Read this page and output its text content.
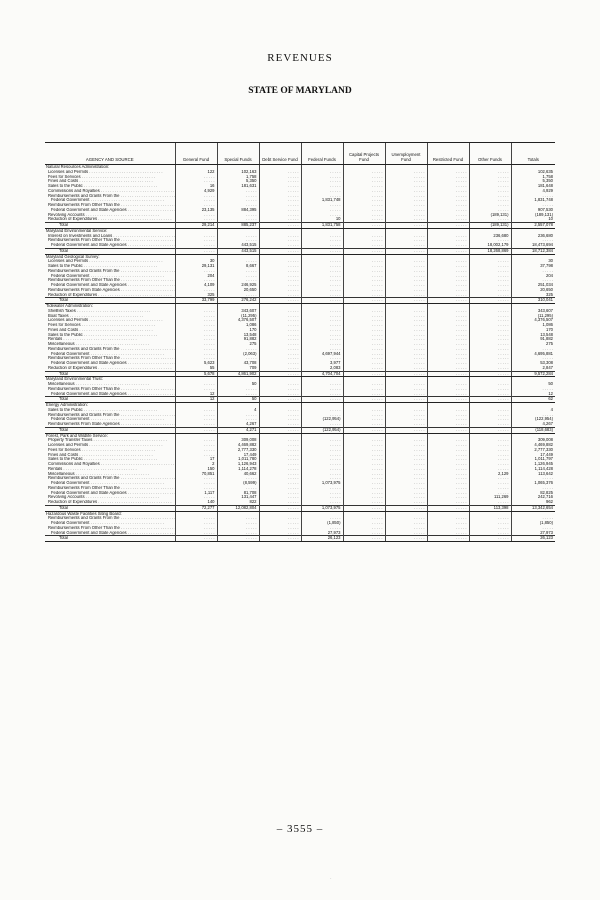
REVENUES
STATE OF MARYLAND
AGENCY AND SOURCE	General Fund	Special Funds	Debt Service Fund	Federal Funds	Capital Projects Fund	Unemployment Fund	Restricted Fund	Other Funds	Totals
Natural Resources Administration:									
Licenses and Permits . . .	122	102,163	. . . . .	. . . . .	. . . . .	. . . . .	. . . . .	. . . . .	102,635
Fees for Services . . .	. . . . .	1,758	. . . . .	. . . . .	. . . . .	. . . . .	. . . . .	. . . . .	1,758
Fines and Costs . . .	. . . . .	5,350	. . . . .	. . . . .	. . . . .	. . . . .	. . . . .	. . . . .	5,350
Sales to the Public . . .	16	181,631	. . . . .	. . . . .	. . . . .	. . . . .	. . . . .	. . . . .	181,648
Commissions and Royalties . . .	4,929	. . . . .	. . . . .	. . . . .	. . . . .	. . . . .	. . . . .	. . . . .	4,929
Reimbursements and Grants From the . . .	. . . . .	. . . . .	. . . . .	. . . . .	. . . . .	. . . . .	. . . . .	. . . . .	. . . . .
Federal Government . . .	. . . . .	. . . . .	. . . . .	1,831,748	. . . . .	. . . . .	. . . . .	. . . . .	1,831,748
Reimbursements From Other Than the . . .	. . . . .	. . . . .	. . . . .	. . . . .	. . . . .	. . . . .	. . . . .	. . . . .	. . . . .
Federal Government and State Agencies . . .	23,135	884,395	. . . . .	. . . . .	. . . . .	. . . . .	. . . . .	. . . . .	907,530
Revolving Accounts . . .	. . . . .	. . . . .	. . . . .	. . . . .	. . . . .	. . . . .	. . . . .	(189,131)	(189,131)
Reduction of Expenditures . . .	. . . . .	. . . . .	. . . . .	10	. . . . .	. . . . .	. . . . .	. . . . .	10
Total	29,214	885,237	. . . . .	1,831,758	. . . . .	. . . . .	. . . . .	(189,131)	2,557,078
Maryland Environmental Service:									
Interest on Investments and Loans . . .	. . . . .	. . . . .	. . . . .	. . . . .	. . . . .	. . . . .	. . . . .	236,680	236,680
Reimbursements From Other Than the . . .	. . . . .	. . . . .	. . . . .	. . . . .	. . . . .	. . . . .	. . . . .	. . . . .	. . . . .
Federal Government and State Agencies . . .	. . . . .	443,515	. . . . .	. . . . .	. . . . .	. . . . .	. . . . .	18,002,179	18,473,694
Total	. . . . .	443,515	. . . . .	. . . . .	. . . . .	. . . . .	. . . . .	18,268,869	18,712,384
Maryland Geological Survey:									
Licenses and Permits . . .	30	. . . . .	. . . . .	. . . . .	. . . . .	. . . . .	. . . . .	. . . . .	30
Sales to the Public . . .	29,131	8,667	. . . . .	. . . . .	. . . . .	. . . . .	. . . . .	. . . . .	37,798
Reimbursements and Grants From the . . .	. . . . .	. . . . .	. . . . .	. . . . .	. . . . .	. . . . .	. . . . .	. . . . .	. . . . .
Federal Government . . .	204	. . . . .	. . . . .	. . . . .	. . . . .	. . . . .	. . . . .	. . . . .	204
Reimbursements From Other Than the . . .	. . . . .	. . . . .	. . . . .	. . . . .	. . . . .	. . . . .	. . . . .	. . . . .	. . . . .
Federal Government and State Agencies . . .	4,109	246,925	. . . . .	. . . . .	. . . . .	. . . . .	. . . . .	. . . . .	251,034
Reimbursements From State Agencies . . .	. . . . .	20,650	. . . . .	. . . . .	. . . . .	. . . . .	. . . . .	. . . . .	20,650
Reduction of Expenditures . . .	325	. . . . .	. . . . .	. . . . .	. . . . .	. . . . .	. . . . .	. . . . .	325
Total	33,799	276,242	. . . . .	. . . . .	. . . . .	. . . . .	. . . . .	. . . . .	310,041
Tidewater Administration:									
Shellfish Taxes . . .	. . . . .	343,607	. . . . .	. . . . .	. . . . .	. . . . .	. . . . .	. . . . .	343,607
Boat Taxes . . .	. . . . .	(11,295)	. . . . .	. . . . .	. . . . .	. . . . .	. . . . .	. . . . .	(11,295)
Licenses and Permits . . .	. . . . .	4,376,507	. . . . .	. . . . .	. . . . .	. . . . .	. . . . .	. . . . .	4,376,507
Fees for Services . . .	. . . . .	1,086	. . . . .	. . . . .	. . . . .	. . . . .	. . . . .	. . . . .	1,086
Fines and Costs . . .	. . . . .	170	. . . . .	. . . . .	. . . . .	. . . . .	. . . . .	. . . . .	170
Sales to the Public . . .	. . . . .	13,548	. . . . .	. . . . .	. . . . .	. . . . .	. . . . .	. . . . .	13,548
Rentals . . .	. . . . .	91,882	. . . . .	. . . . .	. . . . .	. . . . .	. . . . .	. . . . .	91,882
Miscellaneous . . .	. . . . .	275	. . . . .	. . . . .	. . . . .	. . . . .	. . . . .	. . . . .	275
Reimbursements and Grants From the . . .	. . . . .	. . . . .	. . . . .	. . . . .	. . . . .	. . . . .	. . . . .	. . . . .	. . . . .
Federal Government . . .	. . . . .	(2,063)	. . . . .	4,697,944	. . . . .	. . . . .	. . . . .	. . . . .	4,695,881
Reimbursements From Other Than the . . .	. . . . .	. . . . .	. . . . .	. . . . .	. . . . .	. . . . .	. . . . .	. . . . .	. . . . .
Federal Government and State Agencies . . .	5,623	43,708	. . . . .	3,977	. . . . .	. . . . .	. . . . .	. . . . .	53,308
Reduction of Expenditures . . .	55	709	. . . . .	2,083	. . . . .	. . . . .	. . . . .	. . . . .	2,847
Total	5,678	4,861,902	. . . . .	4,704,704	. . . . .	. . . . .	. . . . .	. . . . .	9,572,284
Maryland Environmental Trust:									
Miscellaneous . . .	. . . . .	50	. . . . .	. . . . .	. . . . .	. . . . .	. . . . .	. . . . .	50
Reimbursements From Other Than the . . .	. . . . .	. . . . .	. . . . .	. . . . .	. . . . .	. . . . .	. . . . .	. . . . .	. . . . .
Federal Government and State Agencies . . .	12	. . . . .	. . . . .	. . . . .	. . . . .	. . . . .	. . . . .	. . . . .	12
Total	12	50	. . . . .	. . . . .	. . . . .	. . . . .	. . . . .	. . . . .	62
Energy Administration:									
Sales to the Public . . .	. . . . .	4	. . . . .	. . . . .	. . . . .	. . . . .	. . . . .	. . . . .	4
Reimbursements and Grants From the . . .	. . . . .	. . . . .	. . . . .	. . . . .	. . . . .	. . . . .	. . . . .	. . . . .	. . . . .
Federal Government . . .	. . . . .	. . . . .	. . . . .	(122,954)	. . . . .	. . . . .	. . . . .	. . . . .	(122,954)
Reimbursements From State Agencies . . .	. . . . .	4,267	. . . . .	. . . . .	. . . . .	. . . . .	. . . . .	. . . . .	4,267
Total	. . . . .	4,271	. . . . .	(122,954)	. . . . .	. . . . .	. . . . .	. . . . .	(118,683)
Forest, Park and Wildlife Service:									
Property Transfer Taxes . . .	. . . . .	309,008	. . . . .	. . . . .	. . . . .	. . . . .	. . . . .	. . . . .	309,008
Licenses and Permits . . .	. . . . .	4,469,882	. . . . .	. . . . .	. . . . .	. . . . .	. . . . .	. . . . .	4,469,882
Fees for Services . . .	. . . . .	2,777,330	. . . . .	. . . . .	. . . . .	. . . . .	. . . . .	. . . . .	2,777,330
Fines and Costs . . .	. . . . .	17,449	. . . . .	. . . . .	. . . . .	. . . . .	. . . . .	. . . . .	17,449
Sales to the Public . . .	17	1,011,780	. . . . .	. . . . .	. . . . .	. . . . .	. . . . .	. . . . .	1,011,797
Commissions and Royalties . . .	2	1,126,943	. . . . .	. . . . .	. . . . .	. . . . .	. . . . .	. . . . .	1,126,945
Rentals . . .	150	1,114,278	. . . . .	. . . . .	. . . . .	. . . . .	. . . . .	. . . . .	1,114,428
Miscellaneous . . .	70,851	40,662	. . . . .	. . . . .	. . . . .	. . . . .	. . . . .	2,129	113,642
Reimbursements and Grants From the . . .	. . . . .	. . . . .	. . . . .	. . . . .	. . . . .	. . . . .	. . . . .	. . . . .	. . . . .
Federal Government . . .	. . . . .	(8,599)	. . . . .	1,073,975	. . . . .	. . . . .	. . . . .	. . . . .	1,065,376
Reimbursements From Other Than the . . .	. . . . .	. . . . .	. . . . .	. . . . .	. . . . .	. . . . .	. . . . .	. . . . .	. . . . .
Federal Government and State Agencies . . .	1,117	81,708	. . . . .	. . . . .	. . . . .	. . . . .	. . . . .	. . . . .	82,825
Revolving Accounts . . .	. . . . .	131,447	. . . . .	. . . . .	. . . . .	. . . . .	. . . . .	111,269	242,716
Reduction of Expenditures . . .	140	822	. . . . .	. . . . .	. . . . .	. . . . .	. . . . .	. . . . .	962
Total	72,277	12,082,804	. . . . .	1,073,975	. . . . .	. . . . .	. . . . .	113,398	13,342,654
Hazardous Waste Facilities Siting Board:									
Reimbursements and Grants From the . . .	. . . . .	. . . . .	. . . . .	. . . . .	. . . . .	. . . . .	. . . . .	. . . . .	. . . . .
Federal Government . . .	. . . . .	. . . . .	. . . . .	(1,850)	. . . . .	. . . . .	. . . . .	. . . . .	(1,850)
Reimbursements From Other Than the . . .	. . . . .	. . . . .	. . . . .	. . . . .	. . . . .	. . . . .	. . . . .	. . . . .	. . . . .
Federal Government and State Agencies . . .	. . . . .	. . . . .	. . . . .	27,973	. . . . .	. . . . .	. . . . .	. . . . .	27,973
Total	. . . . .	. . . . .	. . . . .	26,123	. . . . .	. . . . .	. . . . .	. . . . .	26,123
– 3555 –
·
